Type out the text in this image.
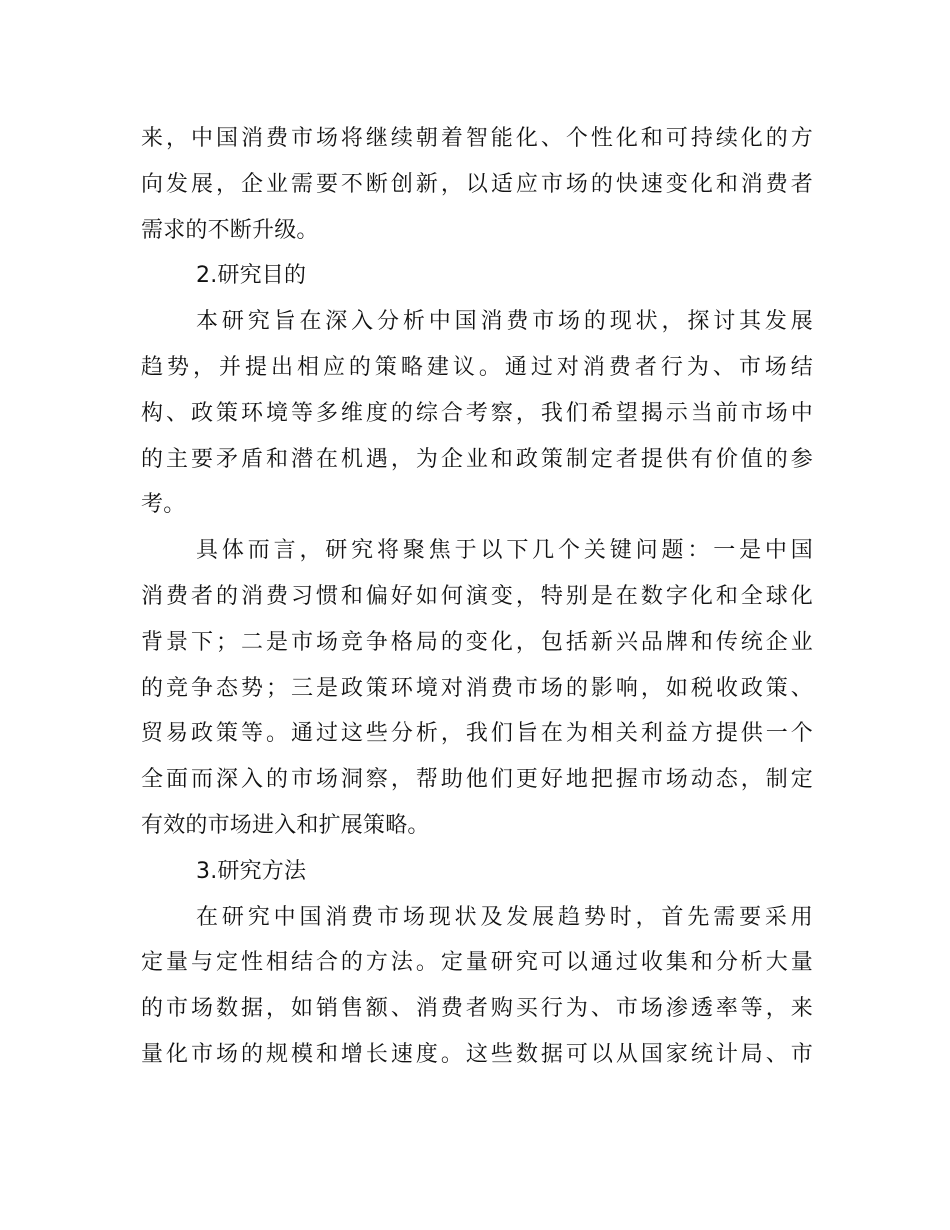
来，中国消费市场将继续朝着智能化、个性化和可持续化的方
向发展，企业需要不断创新，以适应市场的快速变化和消费者
需求的不断升级。
2.研究目的
本研究旨在深入分析中国消费市场的现状，探讨其发展
趋势，并提出相应的策略建议。通过对消费者行为、市场结
构、政策环境等多维度的综合考察，我们希望揭示当前市场中
的主要矛盾和潜在机遇，为企业和政策制定者提供有价值的参
考。
具体而言，研究将聚焦于以下几个关键问题：一是中国
消费者的消费习惯和偏好如何演变，特别是在数字化和全球化
背景下；二是市场竞争格局的变化，包括新兴品牌和传统企业
的竞争态势；三是政策环境对消费市场的影响，如税收政策、
贸易政策等。通过这些分析，我们旨在为相关利益方提供一个
全面而深入的市场洞察，帮助他们更好地把握市场动态，制定
有效的市场进入和扩展策略。
3.研究方法
在研究中国消费市场现状及发展趋势时，首先需要采用
定量与定性相结合的方法。定量研究可以通过收集和分析大量
的市场数据，如销售额、消费者购买行为、市场渗透率等，来
量化市场的规模和增长速度。这些数据可以从国家统计局、市
